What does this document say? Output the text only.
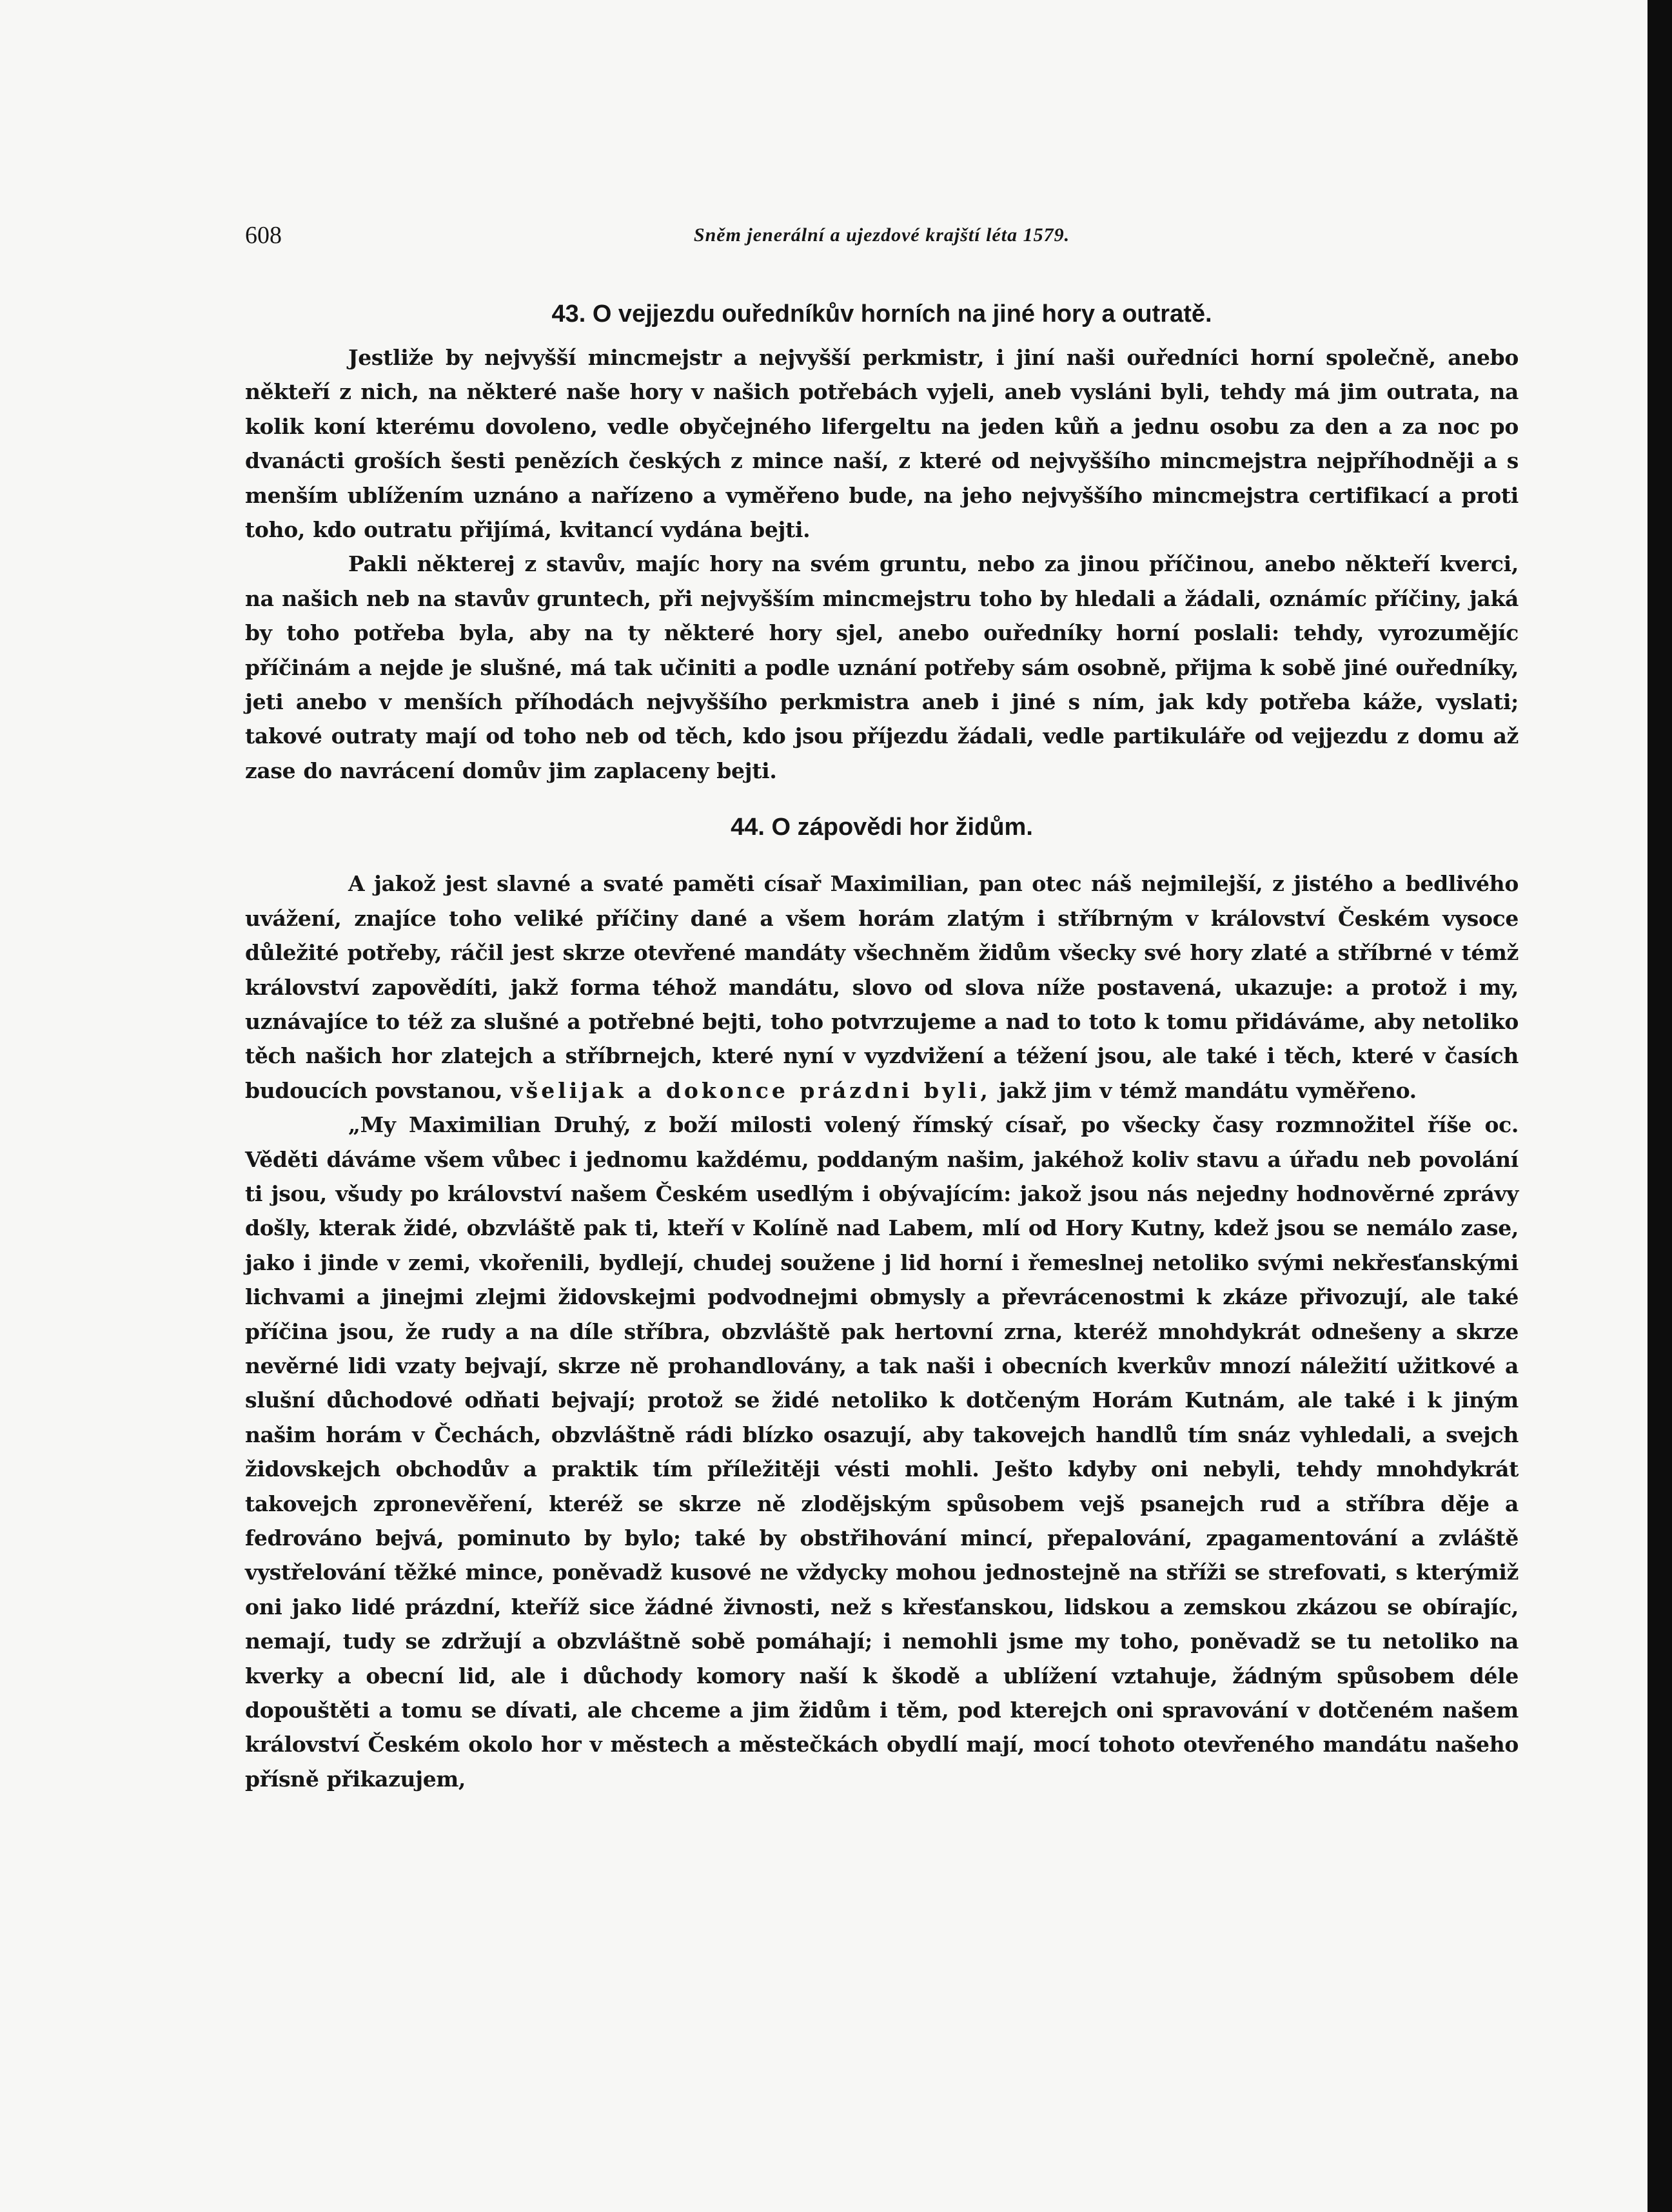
608	Sněm jenerální a ujezdové krajští léta 1579.
43. O vejjezdu ouředníkův horních na jiné hory a outratě.

Jestliže by nejvyšší mincmejstr a nejvyšší perkmistr, i jiní naši ouředníci horní společně, anebo někteří z nich, na některé naše hory v našich potřebách vyjeli, aneb vysláni byli, tehdy má jim outrata, na kolik koní kterému dovoleno, vedle obyčejného lifergeltu na jeden kůň a jednu osobu za den a za noc po dvanácti groších šesti penězích českých z mince naší, z které od nejvyššího mincmejstra nejpříhodněji a s menším ublížením uznáno a nařízeno a vyměřeno bude, na jeho nejvyššího mincmejstra certifikací a proti toho, kdo outratu přijímá, kvitancí vydána bejti.

Pakli některej z stavův, majíc hory na svém gruntu, nebo za jinou příčinou, anebo někteří kverci, na našich neb na stavův gruntech, při nejvyšším mincmejstru toho by hledali a žádali, oznámíc příčiny, jaká by toho potřeba byla, aby na ty některé hory sjel, anebo ouředníky horní poslali: tehdy, vyrozumějíc příčinám a nejde je slušné, má tak učiniti a podle uznání potřeby sám osobně, přijma k sobě jiné ouředníky, jeti anebo v menších příhodách nejvyššího perkmistra aneb i jiné s ním, jak kdy potřeba káže, vyslati; takové outraty mají od toho neb od těch, kdo jsou příjezdu žádali, vedle partikuláře od vejjezdu z domu až zase do navrácení domův jim zaplaceny bejti.

44. O zápovědi hor židům.

A jakož jest slavné a svaté paměti císař Maximilian, pan otec náš nejmilejší, z jistého a bedlivého uvážení, znajíce toho veliké příčiny dané a všem horám zlatým i stříbrným v království Českém vysoce důležité potřeby, ráčil jest skrze otevřené mandáty všechněm židům všecky své hory zlaté a stříbrné v témž království zapovědíti, jakž forma téhož mandátu, slovo od slova níže postavená, ukazuje: a protož i my, uznávajíce to též za slušné a potřebné bejti, toho potvrzujeme a nad to toto k tomu přidáváme, aby netoliko těch našich hor zlatejch a stříbrnejch, které nyní v vyzdvižení a téžení jsou, ale také i těch, které v časích budoucích povstanou, všelijak a dokonce prázdni byli, jakž jim v témž mandátu vyměřeno.

„My Maximilian Druhý, z boží milosti volený římský císař, po všecky časy rozmnožitel říše oc. Věděti dáváme všem vůbec i jednomu každému, poddaným našim, jakéhož koliv stavu a úřadu neb povolání ti jsou, všudy po království našem Českém usedlým i obývajícím: jakož jsou nás nejedny hodnověrné zprávy došly, kterak židé, obzvláště pak ti, kteří v Kolíně nad Labem, mlí od Hory Kutny, kdež jsou se nemálo zase, jako i jinde v zemi, vkořenili, bydlejí, chudej soužene j lid horní i řemeslnej netoliko svými nekřesťanskými lichvami a jinejmi zlejmi židovskejmi podvodnejmi obmysly a převrácenostmi k zkáze přivozují, ale také příčina jsou, že rudy a na díle stříbra, obzvláště pak hertovní zrna, kteréž mnohdykrát odnešeny a skrze nevěrné lidi vzaty bejvají, skrze ně prohandlovány, a tak naši i obecních kverkův mnozí náležití užitkové a slušní důchodové odňati bejvají; protož se židé netoliko k dotčeným Horám Kutnám, ale také i k jiným našim horám v Čechách, obzvláštně rádi blízko osazují, aby takovejch handlů tím snáz vyhledali, a svejch židovskejch obchodův a praktik tím příležitěji vésti mohli. Ješto kdyby oni nebyli, tehdy mnohdykrát takovejch zpronevěření, kteréž se skrze ně zlodějským spůsobem vejš psanejch rud a stříbra děje a fedrováno bejvá, pominuto by bylo; také by obstřihování mincí, přepalování, zpagamentování a zvláště vystřelování těžké mince, poněvadž kusové ne vždycky mohou jednostejně na stříži se strefovati, s kterýmiž oni jako lidé prázdní, kteříž sice žádné živnosti, než s křesťanskou, lidskou a zemskou zkázou se obírajíc, nemají, tudy se zdržují a obzvláštně sobě pomáhají; i nemohli jsme my toho, poněvadž se tu netoliko na kverky a obecní lid, ale i důchody komory naší k škodě a ublížení vztahuje, žádným spůsobem déle dopouštěti a tomu se dívati, ale chceme a jim židům i těm, pod kterejch oni spravování v dotčeném našem království Českém okolo hor v městech a městečkách obydlí mají, mocí tohoto otevřeného mandátu našeho přísně přikazujem,
